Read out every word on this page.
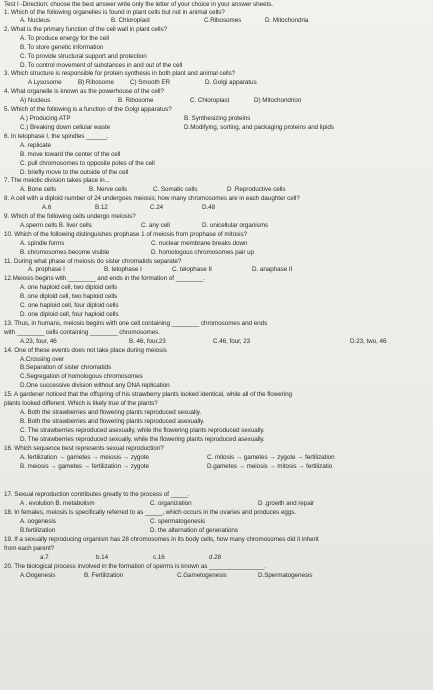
Test I -Direction: choose the best answer write only the letter of your choice in your answer sheets.
1. Which of the following organelles is found in plant cells but not in animal cells?
A. Nucleus	B. Chloroplast	C.Ribosomes	D. Mitochondria
2. What is the primary function of the cell wall in plant cells?
A. To produce energy for the cell
B. To store genetic information
C. To provide structural support and protection
D. To control movement of substances in and out of the cell
3. Which structure is responsible for protein synthesis in both plant and animal cells?
A Lysosome	B) Ribosome	C) Smooth ER	D. Golgi apparatus
4. What organelle is known as the powerhouse of the cell?
A) Nucleus	B. Ribosome	C. Chloroplast	D) Mitochondrion
5. Which of the following is a function of the Golgi apparatus?
A.) Producing ATP	B. Synthesizing proteins
C.) Breaking down cellular waste	D.Modifying, sorting, and packaging proteins and lipids
6. In telophase I, the spindles ______.
A. replicate
B. move toward the center of the cell
C. pull chromosomes to opposite poles of the cell
D. briefly move to the outside of the cell
7. The meiotic division takes place in...
A. Bone cells	B. Nerve cells	C. Somatic cells	D .Reproductive cells
8. A cell with a diploid number of 24 undergoes meiosis; how many chromosomes are in each daughter cell?
A.6	B.12	C.24	D.48
9. Which of the following cells undergo meiosis?
A.sperm cells B. liver cells	C. any cell	D. unicellular organisms
10. Which of the following distinguishes prophase 1 of meiosis from prophase of mitosis?
A. spindle forms	C. nuclear membrane breaks down
B. chromosomes become visible	D. homologous chromosomes pair up
11. During what phase of meiosis do sister chromatids separate?
A. prophase I	B. telophase I	C. telophase II	D. anaphase II
12.Meiosis begins with ________ and ends in the formation of ________.
A. one haploid cell, two diploid cells
B. one diploid cell, two haploid cells
C. one haploid cell, four diploid cells
D. one diploid cell, four haploid cells
13. Thus, in humans, meiosis begins with one cell containing ________ chromosomes and ends
with ________ cells containing ________ chromosomes.
A.23, four, 46	B. 46, four,23	C.46, four, 23	D.23, two, 46
14. One of these events does not take place during meiosis
A.Crossing over
B.Separation of sister chromatids
C.Segregation of homologous chromosomes
D.One successive division without any DNA replication
15. A gardener noticed that the offspring of his strawberry plants looked identical, while all of the flowering
plants looked different. Which is likely true of the plants?
A. Both the strawberries and flowering plants reproduced sexually.
B. Both the strawberries and flowering plants reproduced asexually.
C. The strawberries reproduced asexually, while the flowering plants reproduced sexually.
D. The strawberries reproduced sexually, while the flowering plants reproduced asexually.
16. Which sequence best represents sexual reproduction?
A. fertilization → gametes → meiosis → zygote	C. mitosis → gametes → zygote → fertilization
B. meiosis → gametes → fertilization → zygote	D.gametes → meiosis → mitosis → fertilizatio
17. Sexual reproduction contributes greatly to the process of _____.
A . evolution B. metabolism	C. organization	D .growth and repair
18. In females, meiosis is specifically referred to as _____, which occurs in the ovaries and produces eggs.
A. oogenesis	C. spermatogenesis
B.fertilization	D. the alternation of generations
19. If a sexually reproducing organism has 28 chromosomes in its body cells, how many chromosomes did it inherit
from each parent?
a.7	b.14	c.16	d.28
20. The biological process involved in the formation of sperms is known as ________________.
A.Oogenesis	B. Fertilization	C.Gametogenesis	D.Spermatogenesis
